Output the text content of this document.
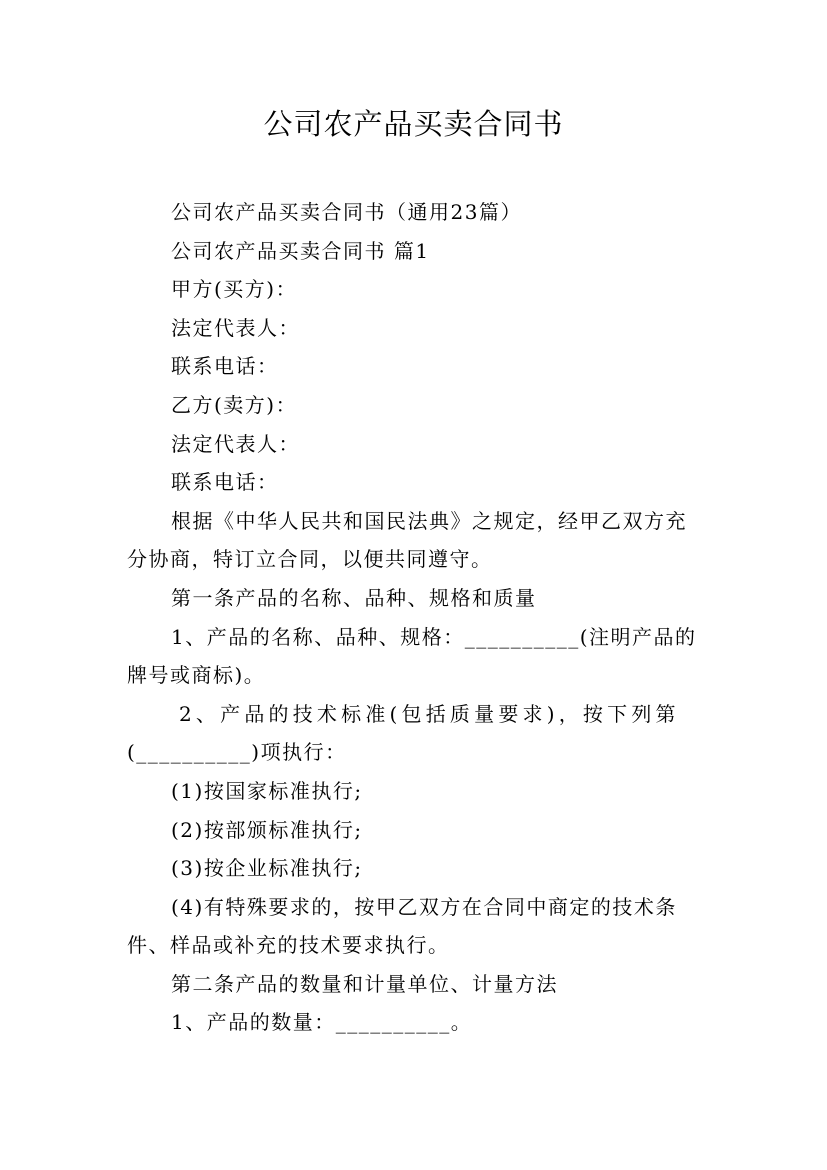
公司农产品买卖合同书

公司农产品买卖合同书（通用23篇）

公司农产品买卖合同书 篇1

甲方(买方)：

法定代表人：

联系电话：

乙方(卖方)：

法定代表人：

联系电话：

根据《中华人民共和国民法典》之规定，经甲乙双方充

分协商，特订立合同，以便共同遵守。

第一条产品的名称、品种、规格和质量

1、产品的名称、品种、规格：__________(注明产品的

牌号或商标)。

2、产品的技术标准(包括质量要求)，按下列第

(__________)项执行：

(1)按国家标准执行;

(2)按部颁标准执行;

(3)按企业标准执行;

(4)有特殊要求的，按甲乙双方在合同中商定的技术条

件、样品或补充的技术要求执行。

第二条产品的数量和计量单位、计量方法

1、产品的数量：__________。
